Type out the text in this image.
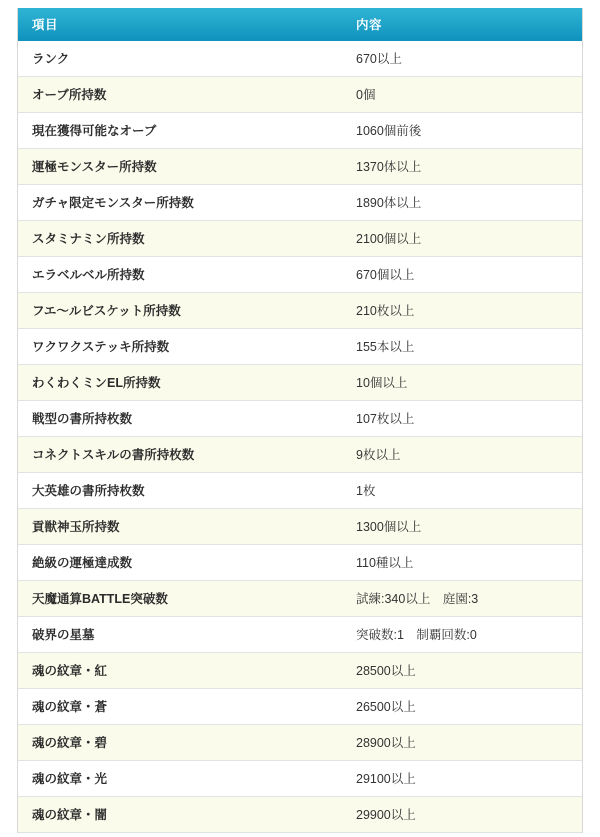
項目	内容
ランク	670以上
オーブ所持数	0個
現在獲得可能なオーブ	1060個前後
運極モンスター所持数	1370体以上
ガチャ限定モンスター所持数	1890体以上
スタミナミン所持数	2100個以上
エラベルベル所持数	670個以上
フエ〜ルビスケット所持数	210枚以上
ワクワクステッキ所持数	155本以上
わくわくミンEL所持数	10個以上
戦型の書所持枚数	107枚以上
コネクトスキルの書所持枚数	9枚以上
大英雄の書所持枚数	1枚
貢獣神玉所持数	1300個以上
絶級の運極達成数	110種以上
天魔通算BATTLE突破数	試練:340以上　庭園:3
破界の星墓	突破数:1　制覇回数:0
魂の紋章・紅	28500以上
魂の紋章・蒼	26500以上
魂の紋章・碧	28900以上
魂の紋章・光	29100以上
魂の紋章・闇	29900以上
